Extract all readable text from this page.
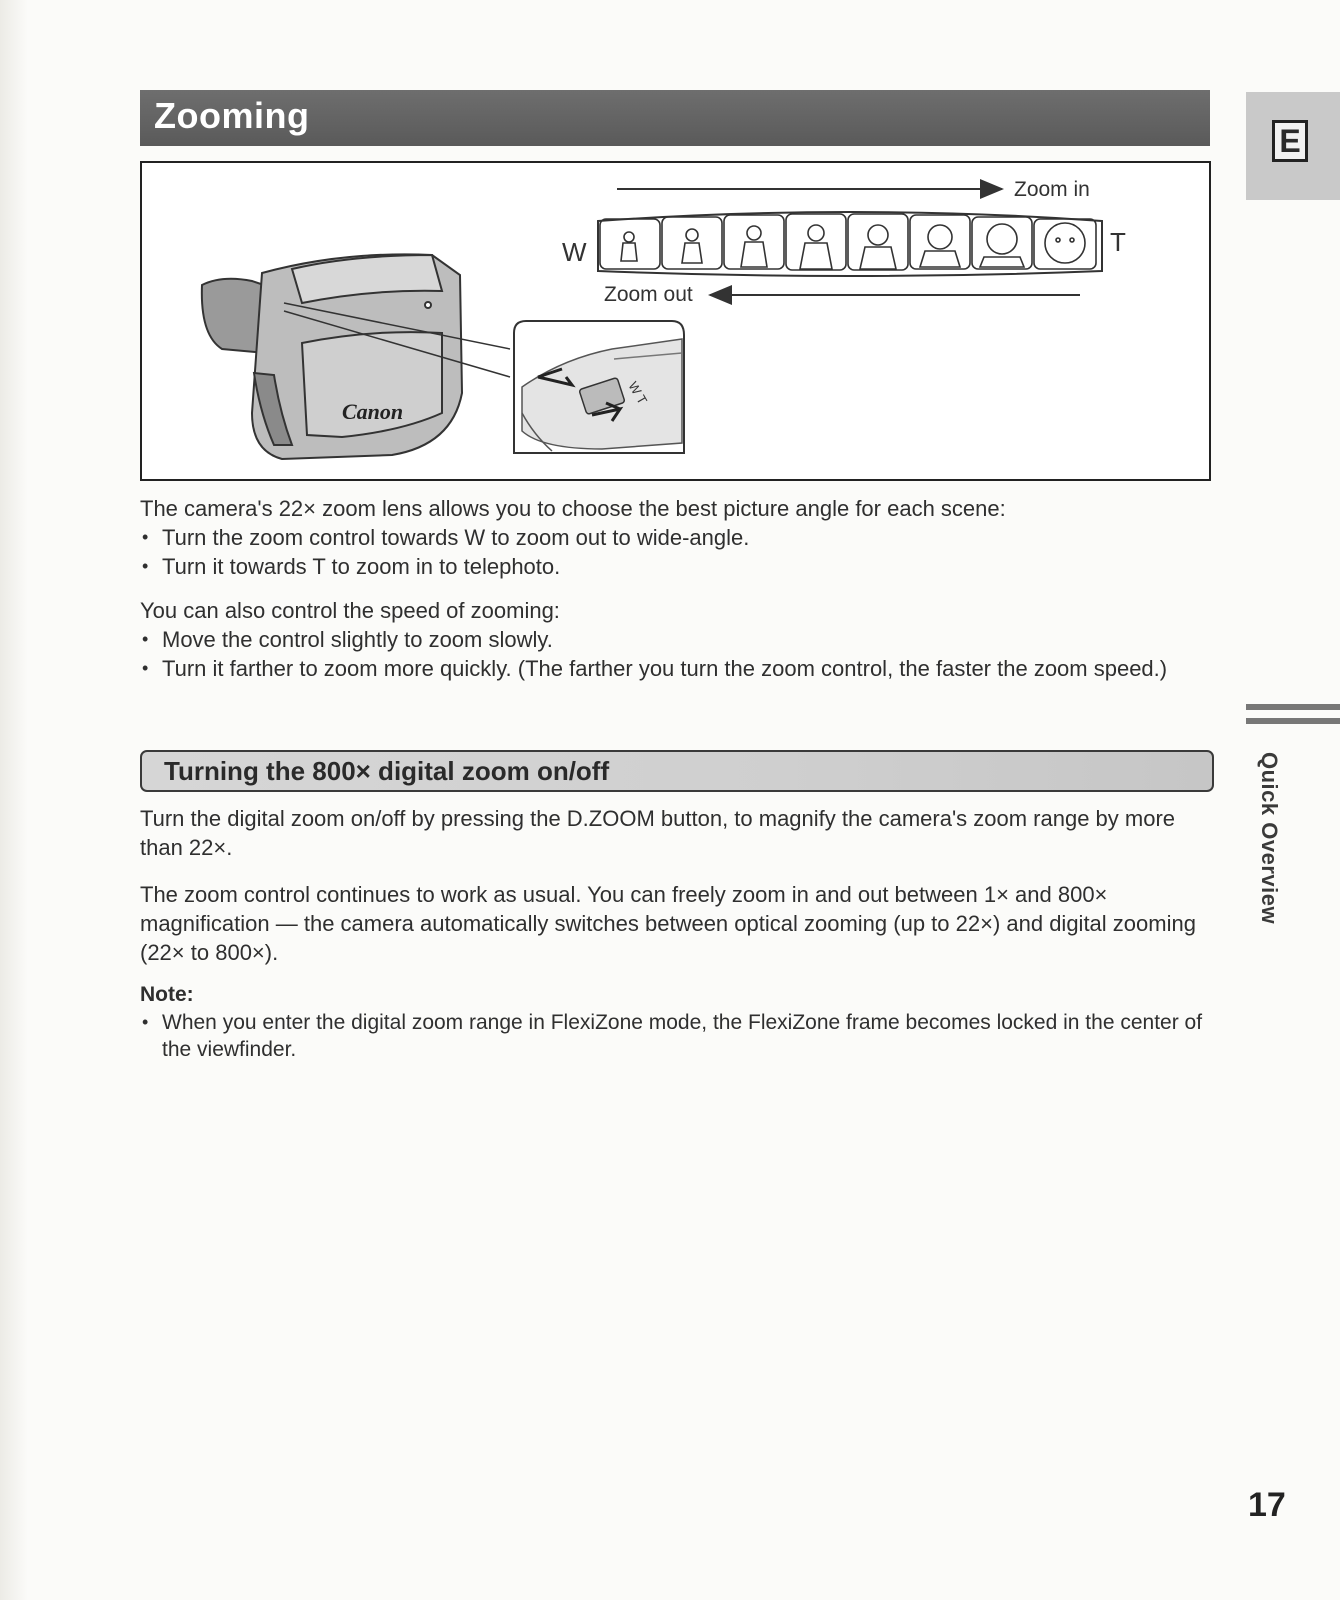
Zooming
E
Zoom in
W	T
Zoom out
Canon
W T

The camera's 22× zoom lens allows you to choose the best picture angle for each scene:

• Turn the zoom control towards W to zoom out to wide-angle.

• Turn it towards T to zoom in to telephoto.

You can also control the speed of zooming:

• Move the control slightly to zoom slowly.

• Turn it farther to zoom more quickly. (The farther you turn the zoom control, the faster the zoom speed.)

Turning the 800× digital zoom on/off

Turn the digital zoom on/off by pressing the D.ZOOM button, to magnify the camera's zoom range by more than 22×.

The zoom control continues to work as usual. You can freely zoom in and out between 1× and 800× magnification — the camera automatically switches between optical zooming (up to 22×) and digital zooming (22× to 800×).

Note:

• When you enter the digital zoom range in FlexiZone mode, the FlexiZone frame becomes locked in the center of the viewfinder.

Quick Overview
17
